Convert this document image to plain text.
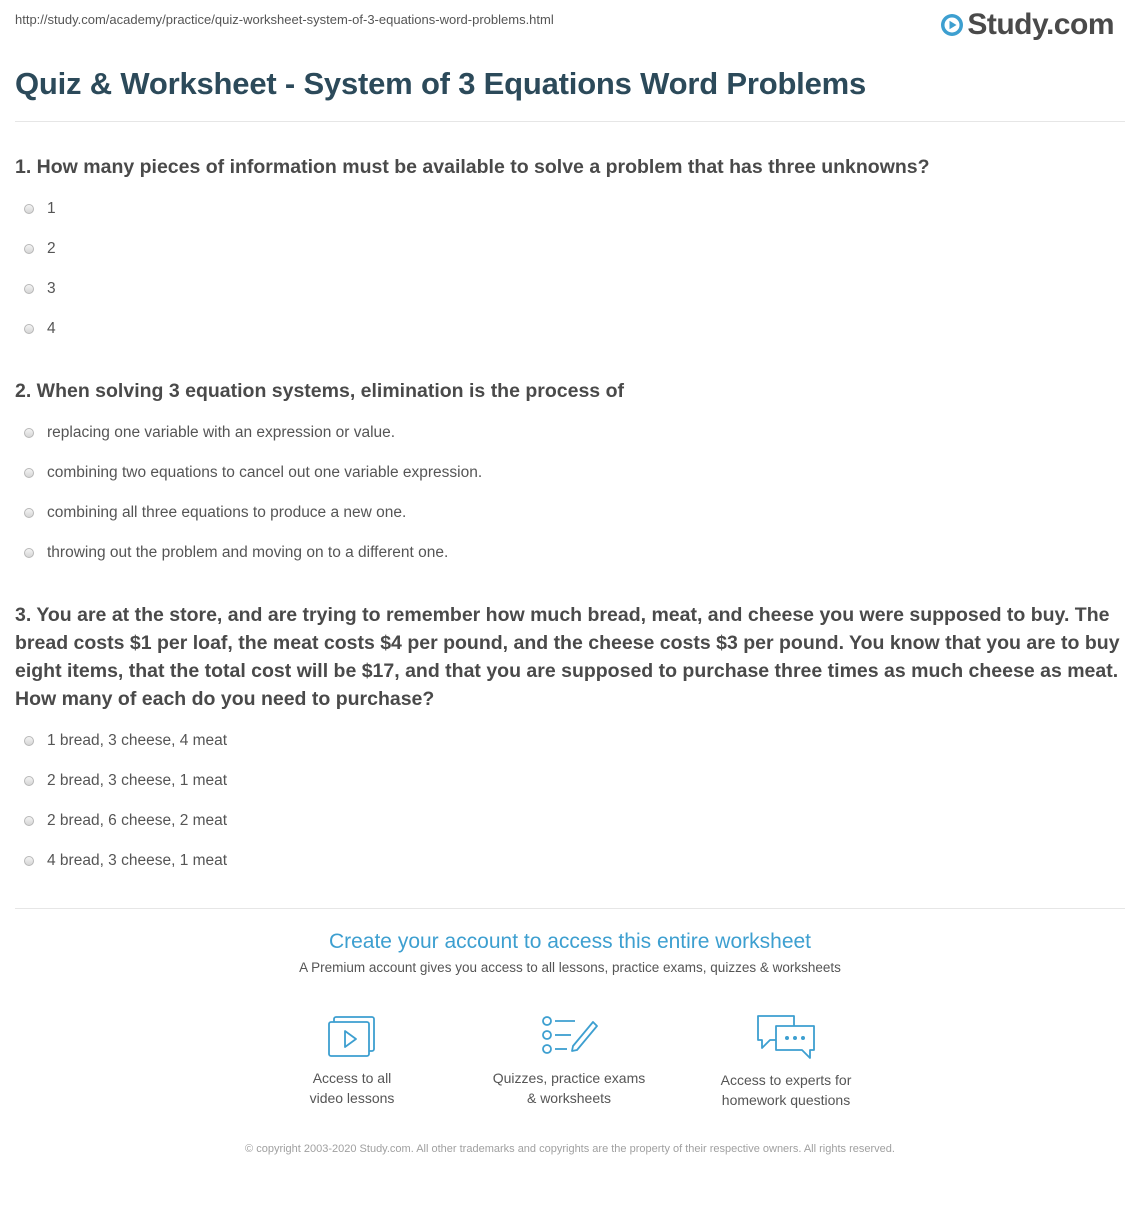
http://study.com/academy/practice/quiz-worksheet-system-of-3-equations-word-problems.html	Study.com
Quiz & Worksheet - System of 3 Equations Word Problems

1. How many pieces of information must be available to solve a problem that has three unknowns?

1
2
3
4

2. When solving 3 equation systems, elimination is the process of

replacing one variable with an expression or value.
combining two equations to cancel out one variable expression.
combining all three equations to produce a new one.
throwing out the problem and moving on to a different one.

3. You are at the store, and are trying to remember how much bread, meat, and cheese you were supposed to buy. The bread costs $1 per loaf, the meat costs $4 per pound, and the cheese costs $3 per pound. You know that you are to buy eight items, that the total cost will be $17, and that you are supposed to purchase three times as much cheese as meat. How many of each do you need to purchase?

1 bread, 3 cheese, 4 meat
2 bread, 3 cheese, 1 meat
2 bread, 6 cheese, 2 meat
4 bread, 3 cheese, 1 meat

Create your account to access this entire worksheet

A Premium account gives you access to all lessons, practice exams, quizzes & worksheets
Access to all
video lessons
Quizzes, practice exams
& worksheets
Access to experts for
homework questions
© copyright 2003-2020 Study.com. All other trademarks and copyrights are the property of their respective owners. All rights reserved.
